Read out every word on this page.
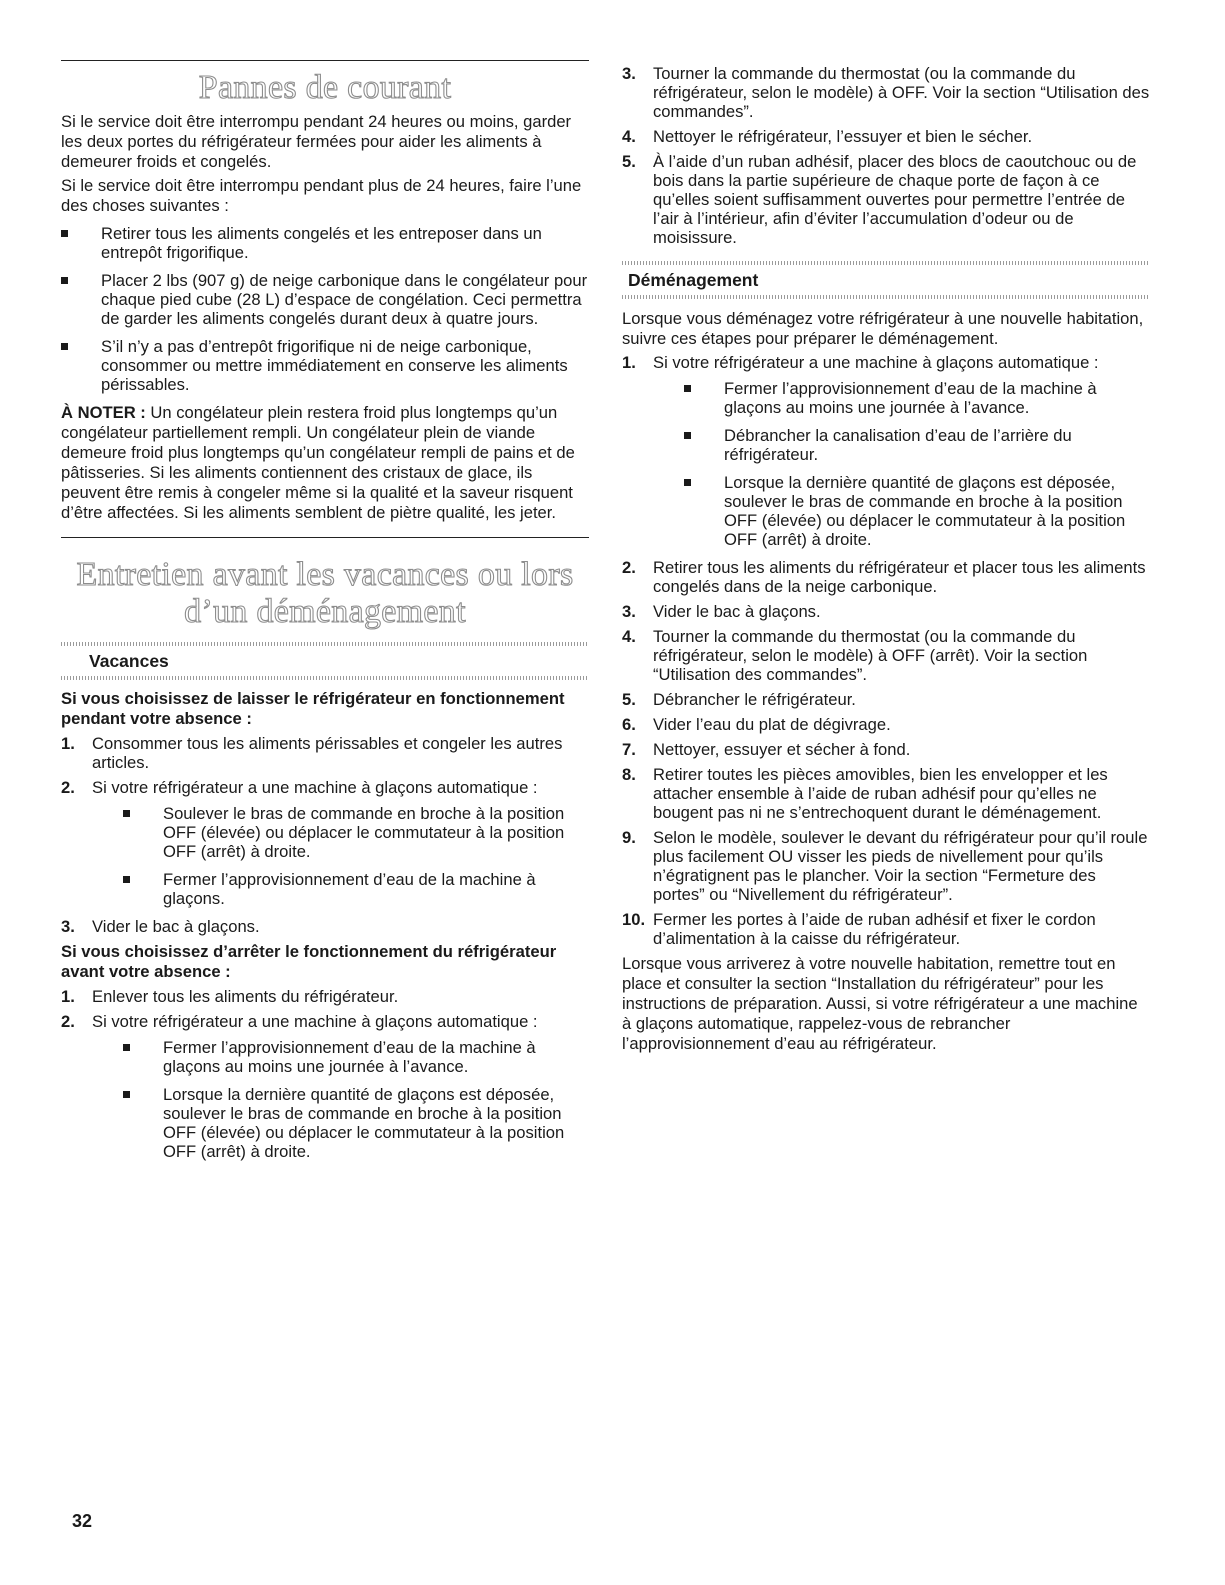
Pannes de courant

Si le service doit être interrompu pendant 24 heures ou moins, garder les deux portes du réfrigérateur fermées pour aider les aliments à demeurer froids et congelés.

Si le service doit être interrompu pendant plus de 24 heures, faire l’une des choses suivantes :

Retirer tous les aliments congelés et les entreposer dans un entrepôt frigorifique.
Placer 2 lbs (907 g) de neige carbonique dans le congélateur pour chaque pied cube (28 L) d’espace de congélation. Ceci permettra de garder les aliments congelés durant deux à quatre jours.
S’il n’y a pas d’entrepôt frigorifique ni de neige carbonique, consommer ou mettre immédiatement en conserve les aliments périssables.

À NOTER : Un congélateur plein restera froid plus longtemps qu’un congélateur partiellement rempli. Un congélateur plein de viande demeure froid plus longtemps qu’un congélateur rempli de pains et de pâtisseries. Si les aliments contiennent des cristaux de glace, ils peuvent être remis à congeler même si la qualité et la saveur risquent d’être affectées. Si les aliments semblent de piètre qualité, les jeter.

Entretien avant les vacances ou lors d’un déménagement
Vacances
Si vous choisissez de laisser le réfrigérateur en fonctionnement pendant votre absence :
1. Consommer tous les aliments périssables et congeler les autres articles.
2. Si votre réfrigérateur a une machine à glaçons automatique :
Soulever le bras de commande en broche à la position OFF (élevée) ou déplacer le commutateur à la position OFF (arrêt) à droite.
Fermer l’approvisionnement d’eau de la machine à glaçons.
3. Vider le bac à glaçons.
Si vous choisissez d’arrêter le fonctionnement du réfrigérateur avant votre absence :
1. Enlever tous les aliments du réfrigérateur.
2. Si votre réfrigérateur a une machine à glaçons automatique :
Fermer l’approvisionnement d’eau de la machine à glaçons au moins une journée à l’avance.
Lorsque la dernière quantité de glaçons est déposée, soulever le bras de commande en broche à la position OFF (élevée) ou déplacer le commutateur à la position OFF (arrêt) à droite.
3. Tourner la commande du thermostat (ou la commande du réfrigérateur, selon le modèle) à OFF. Voir la section “Utilisation des commandes”.
4. Nettoyer le réfrigérateur, l’essuyer et bien le sécher.
5. À l’aide d’un ruban adhésif, placer des blocs de caoutchouc ou de bois dans la partie supérieure de chaque porte de façon à ce qu’elles soient suffisamment ouvertes pour permettre l’entrée de l’air à l’intérieur, afin d’éviter l’accumulation d’odeur ou de moisissure.
Déménagement

Lorsque vous déménagez votre réfrigérateur à une nouvelle habitation, suivre ces étapes pour préparer le déménagement.

1. Si votre réfrigérateur a une machine à glaçons automatique :
Fermer l’approvisionnement d’eau de la machine à glaçons au moins une journée à l’avance.
Débrancher la canalisation d’eau de l’arrière du réfrigérateur.
Lorsque la dernière quantité de glaçons est déposée, soulever le bras de commande en broche à la position OFF (élevée) ou déplacer le commutateur à la position OFF (arrêt) à droite.
2. Retirer tous les aliments du réfrigérateur et placer tous les aliments congelés dans de la neige carbonique.
3. Vider le bac à glaçons.
4. Tourner la commande du thermostat (ou la commande du réfrigérateur, selon le modèle) à OFF (arrêt). Voir la section “Utilisation des commandes”.
5. Débrancher le réfrigérateur.
6. Vider l’eau du plat de dégivrage.
7. Nettoyer, essuyer et sécher à fond.
8. Retirer toutes les pièces amovibles, bien les envelopper et les attacher ensemble à l’aide de ruban adhésif pour qu’elles ne bougent pas ni ne s’entrechoquent durant le déménagement.
9. Selon le modèle, soulever le devant du réfrigérateur pour qu’il roule plus facilement OU visser les pieds de nivellement pour qu’ils n’égratignent pas le plancher. Voir la section “Fermeture des portes” ou “Nivellement du réfrigérateur”.
10. Fermer les portes à l’aide de ruban adhésif et fixer le cordon d’alimentation à la caisse du réfrigérateur.

Lorsque vous arriverez à votre nouvelle habitation, remettre tout en place et consulter la section “Installation du réfrigérateur” pour les instructions de préparation. Aussi, si votre réfrigérateur a une machine à glaçons automatique, rappelez-vous de rebrancher l’approvisionnement d’eau au réfrigérateur.

32
